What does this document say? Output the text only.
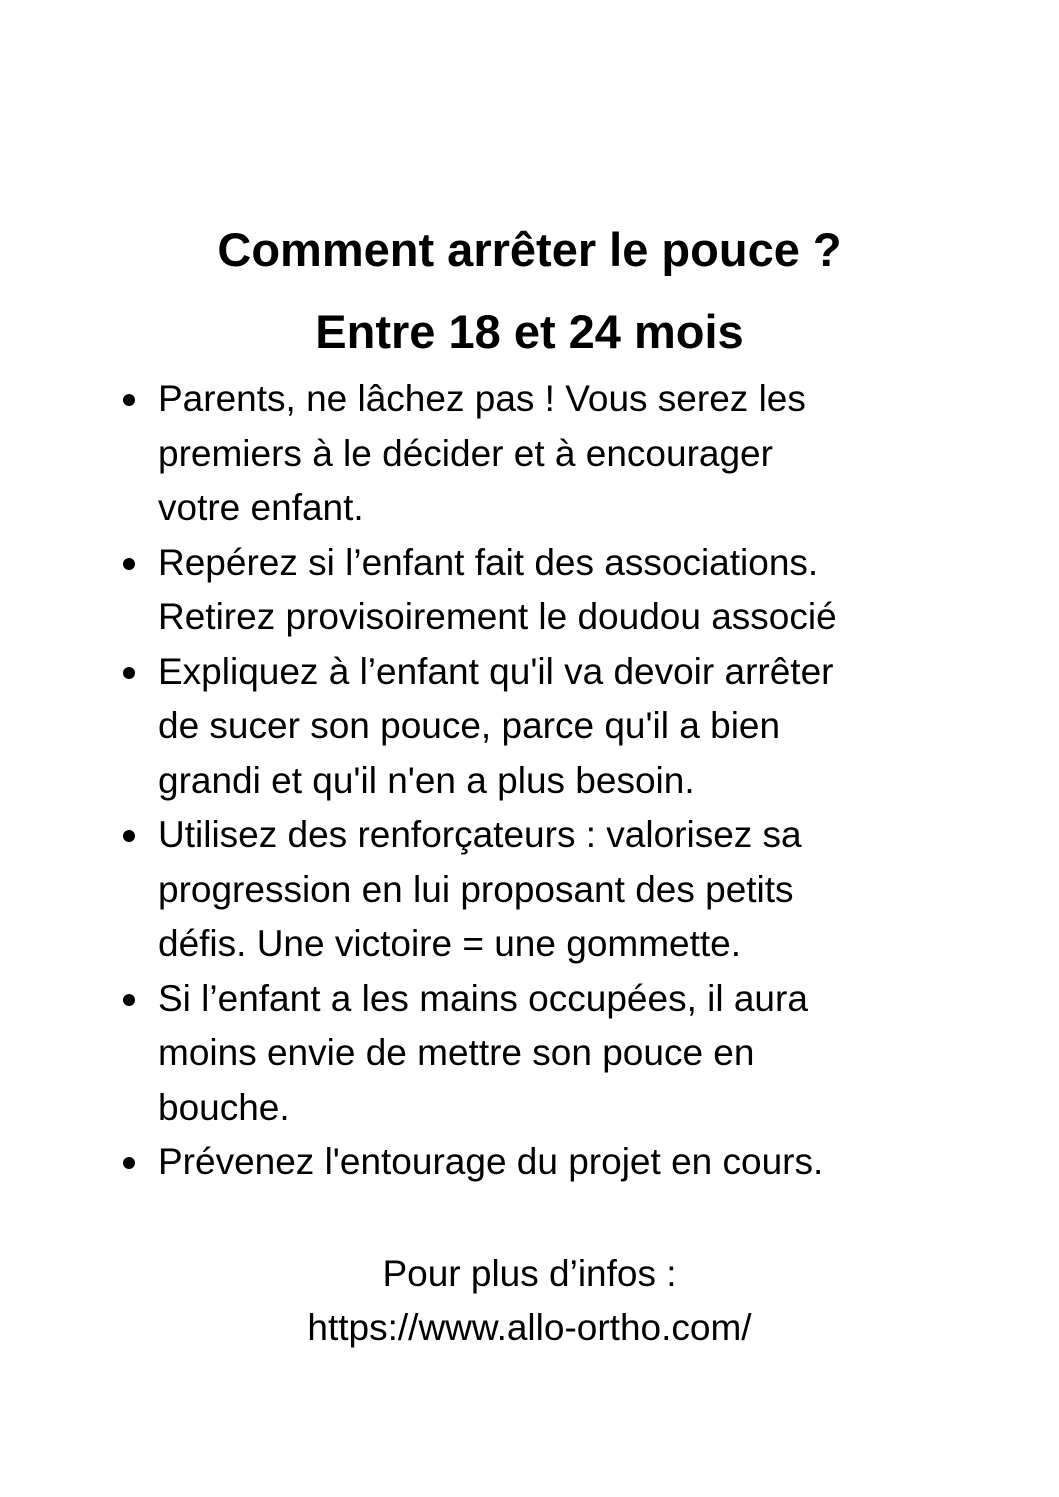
Comment arrêter le pouce ?
Entre 18 et 24 mois
Parents, ne lâchez pas ! Vous serez les
premiers à le décider et à encourager
votre enfant.
Repérez si l’enfant fait des associations.
Retirez provisoirement le doudou associé
Expliquez à l’enfant qu'il va devoir arrêter
de sucer son pouce, parce qu'il a bien
grandi et qu'il n'en a plus besoin.
Utilisez des renforçateurs : valorisez sa
progression en lui proposant des petits
défis. Une victoire = une gommette.
Si l’enfant a les mains occupées, il aura
moins envie de mettre son pouce en
bouche.
Prévenez l'entourage du projet en cours.
Pour plus d’infos :
https://www.allo-ortho.com/
